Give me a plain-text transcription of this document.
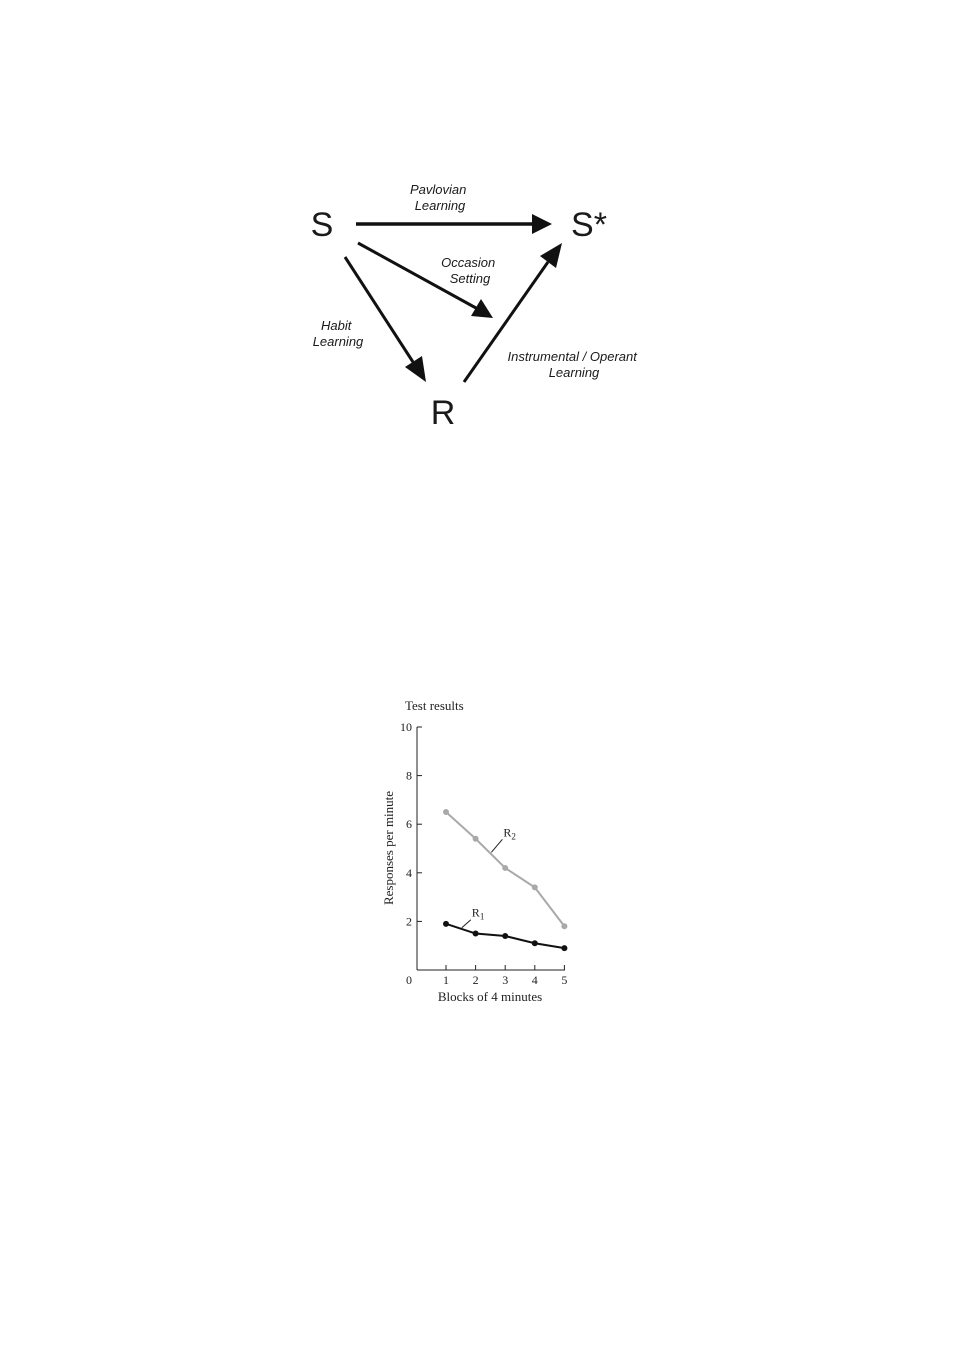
S	S*
R
Pavlovian Learning
Occasion Setting
Habit Learning
Instrumental / Operant Learning
Test results
2
4
6
8
10
0	1 2 3 4 5
Responses per minute
Blocks of 4 minutes
$R_2$
$R_1$
